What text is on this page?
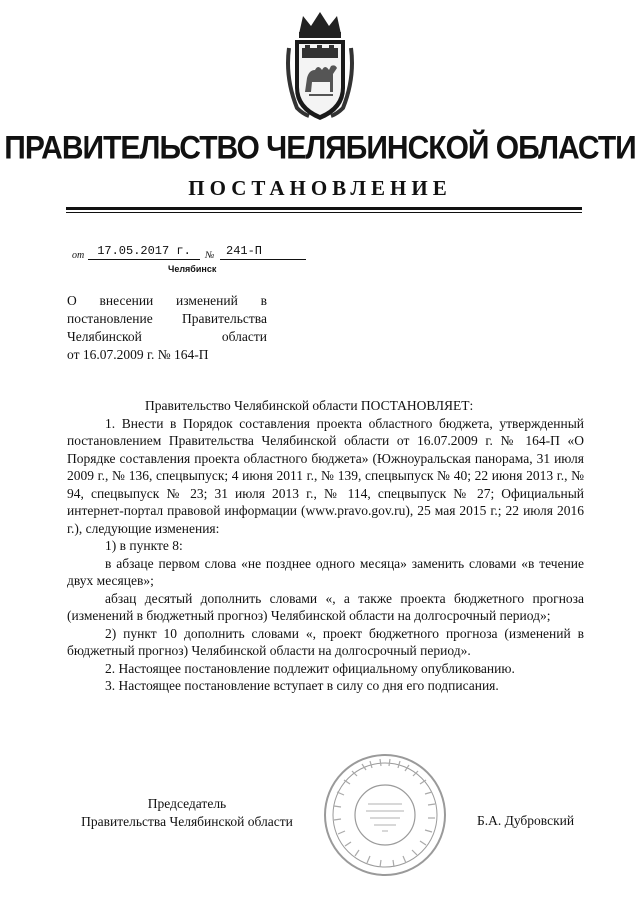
ПРАВИТЕЛЬСТВО ЧЕЛЯБИНСКОЙ ОБЛАСТИ
ПОСТАНОВЛЕНИЕ
от	17.05.2017 г.	№ 241-П
Челябинск
О внесении изменений в
постановление Правительства
Челябинской области
от 16.07.2009 г. № 164-П

Правительство Челябинской области ПОСТАНОВЛЯЕТ:

1. Внести в Порядок составления проекта областного бюджета, утвержденный постановлением Правительства Челябинской области от 16.07.2009 г. № 164-П «О Порядке составления проекта областного бюджета» (Южноуральская панорама, 31 июля 2009 г., № 136, спецвыпуск; 4 июня 2011 г., № 139, спецвыпуск № 40; 22 июня 2013 г., № 94, спецвыпуск № 23; 31 июля 2013 г., № 114, спецвыпуск № 27; Официальный интернет-портал правовой информации (www.pravo.gov.ru), 25 мая 2015 г.; 22 июля 2016 г.), следующие изменения:

1) в пункте 8:

в абзаце первом слова «не позднее одного месяца» заменить словами «в течение двух месяцев»;

абзац десятый дополнить словами «, а также проекта бюджетного прогноза (изменений в бюджетный прогноз) Челябинской области на долгосрочный период»;

2) пункт 10 дополнить словами «, проект бюджетного прогноза (изменений в бюджетный прогноз) Челябинской области на долгосрочный период».

2. Настоящее постановление подлежит официальному опубликованию.

3. Настоящее постановление вступает в силу со дня его подписания.

Председатель
Правительства Челябинской области	Б.А. Дубровский
